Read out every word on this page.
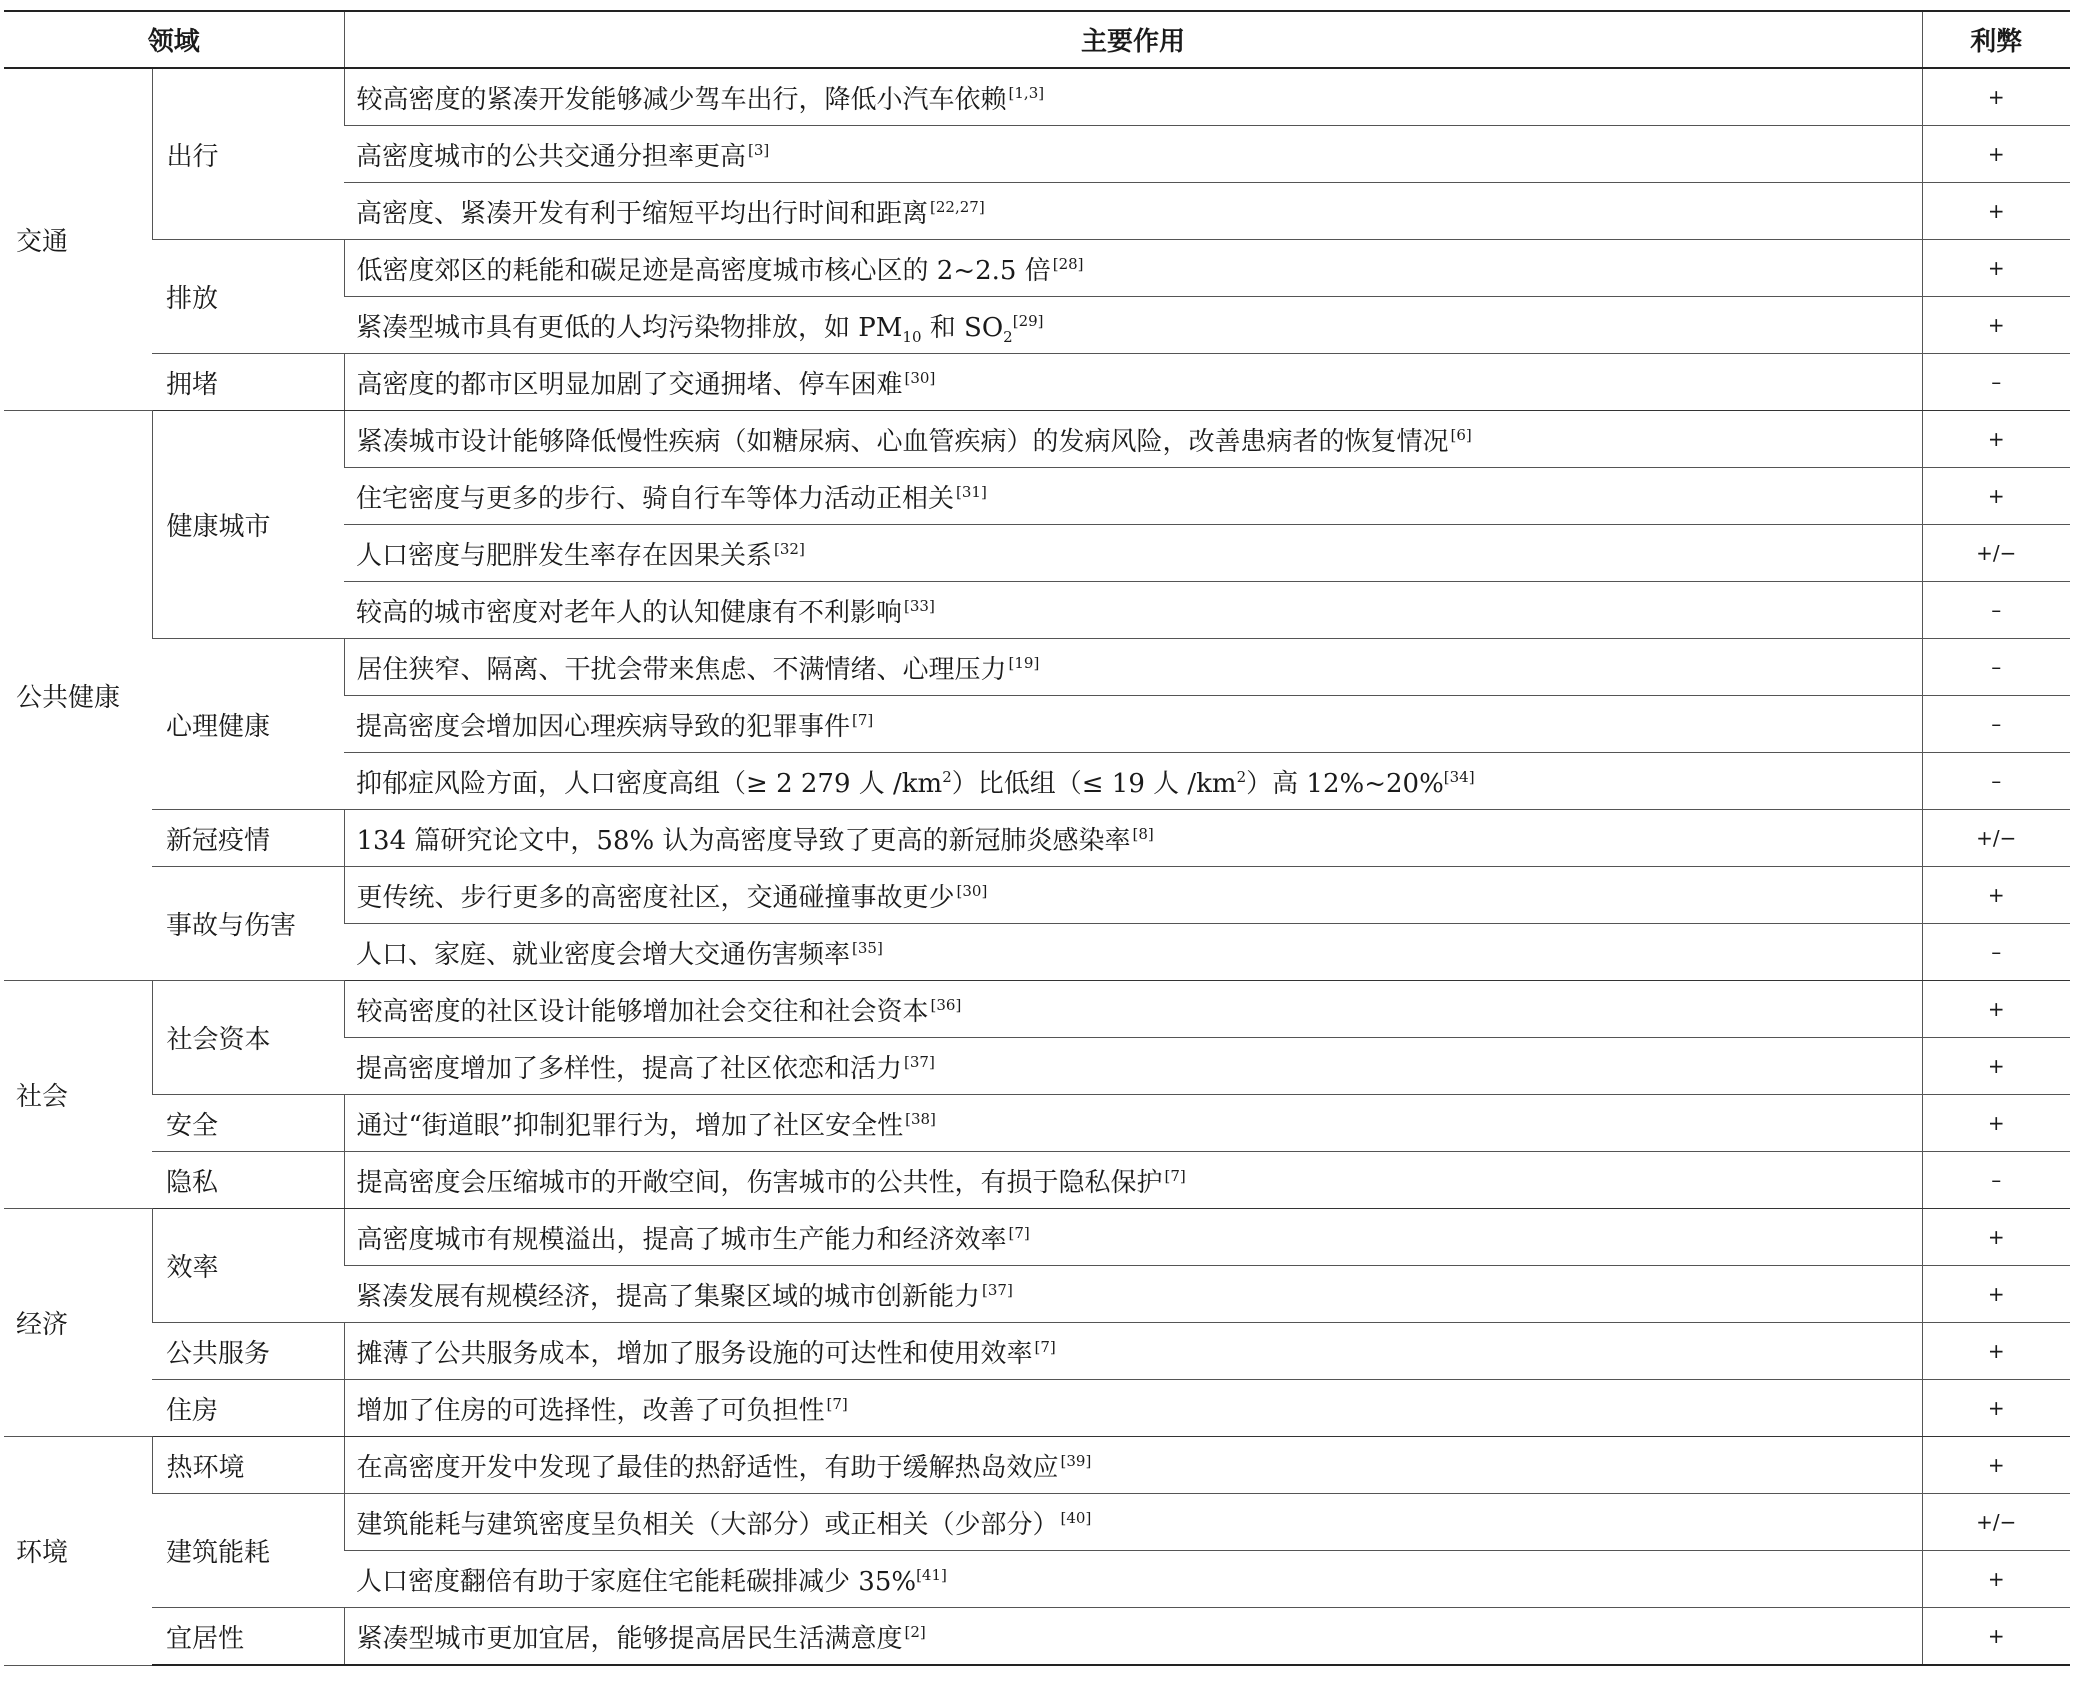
领域		主要作用	利弊
交通	出行	较高密度的紧凑开发能够减少驾车出行，降低小汽车依赖 [1,3]	+
		高密度城市的公共交通分担率更高 [3]	+
		高密度、紧凑开发有利于缩短平均出行时间和距离 [22,27]	+
	排放	低密度郊区的耗能和碳足迹是高密度城市核心区的 2~2.5 倍 [28]	+
		紧凑型城市具有更低的人均污染物排放，如 $PM_{10}$ 和 $SO_2[29]$	+
	拥堵	高密度的都市区明显加剧了交通拥堵、停车困难 [30]	–
公共健康	健康城市	紧凑城市设计能够降低慢性疾病（如糖尿病、心血管疾病）的发病风险，改善患病者的恢复情况 [6]	+
		住宅密度与更多的步行、骑自行车等体力活动正相关 [31]	+
		人口密度与肥胖发生率存在因果关系 [32]	+/−
		较高的城市密度对老年人的认知健康有不利影响 [33]	–
	心理健康	居住狭窄、隔离、干扰会带来焦虑、不满情绪、心理压力 [19]	–
		提高密度会增加因心理疾病导致的犯罪事件 [7]	–
		抑郁症风险方面，人口密度高组（≥ 2 279 人 $/km^2$）比低组（≤ 19 人 $/km^2$）高 12%~20%[34]	–
	新冠疫情	134 篇研究论文中，58% 认为高密度导致了更高的新冠肺炎感染率 [8]	+/−
	事故与伤害	更传统、步行更多的高密度社区，交通碰撞事故更少 [30]	+
		人口、家庭、就业密度会增大交通伤害频率 [35]	–
社会	社会资本	较高密度的社区设计能够增加社会交往和社会资本 [36]	+
		提高密度增加了多样性，提高了社区依恋和活力 [37]	+
	安全	通过“街道眼”抑制犯罪行为，增加了社区安全性 [38]	+
	隐私	提高密度会压缩城市的开敞空间，伤害城市的公共性，有损于隐私保护 [7]	–
经济	效率	高密度城市有规模溢出，提高了城市生产能力和经济效率 [7]	+
		紧凑发展有规模经济，提高了集聚区域的城市创新能力 [37]	+
	公共服务	摊薄了公共服务成本，增加了服务设施的可达性和使用效率 [7]	+
	住房	增加了住房的可选择性，改善了可负担性 [7]	+
环境	热环境	在高密度开发中发现了最佳的热舒适性，有助于缓解热岛效应 [39]	+
	建筑能耗	建筑能耗与建筑密度呈负相关（大部分）或正相关（少部分） [40]	+/−
		人口密度翻倍有助于家庭住宅能耗碳排减少 35%[41]	+
	宜居性	紧凑型城市更加宜居，能够提高居民生活满意度 [2]	+
